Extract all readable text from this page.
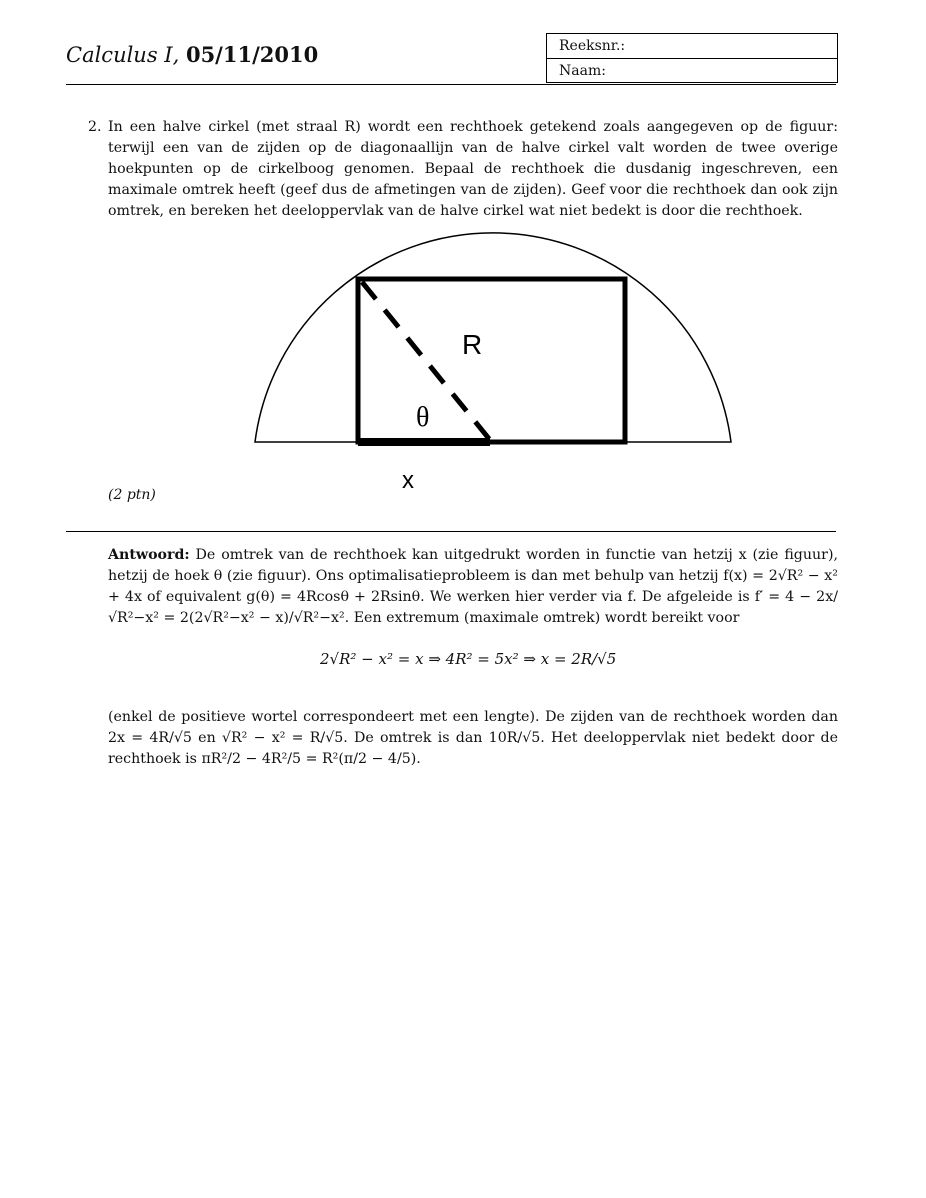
Calculus I, 05/11/2010	Reeksnr.:
Naam:
2. In een halve cirkel (met straal R) wordt een rechthoek getekend zoals aangegeven op de figuur: terwijl een van de zijden op de diagonaallijn van de halve cirkel valt worden de twee overige hoekpunten op de cirkelboog genomen. Bepaal de rechthoek die dusdanig ingeschreven, een maximale omtrek heeft (geef dus de afmetingen van de zijden). Geef voor die rechthoek dan ook zijn omtrek, en bereken het deeloppervlak van de halve cirkel wat niet bedekt is door die rechthoek.
R
θ
x
(2 ptn)
Antwoord: De omtrek van de rechthoek kan uitgedrukt worden in functie van hetzij x (zie figuur), hetzij de hoek θ (zie figuur). Ons optimalisatieprobleem is dan met behulp van hetzij f(x) = 2√R² − x² + 4x of equivalent g(θ) = 4Rcosθ + 2Rsinθ. We werken hier verder via f. De afgeleide is f′ = 4 − 2x/√R²−x² = 2(2√R²−x² − x)/√R²−x². Een extremum (maximale omtrek) wordt bereikt voor
2√R² − x² = x ⇒ 4R² = 5x² ⇒ x = 2R/√5
(enkel de positieve wortel correspondeert met een lengte). De zijden van de rechthoek worden dan 2x = 4R/√5 en √R² − x² = R/√5. De omtrek is dan 10R/√5. Het deeloppervlak niet bedekt door de rechthoek is πR²/2 − 4R²/5 = R²(π/2 − 4/5).
